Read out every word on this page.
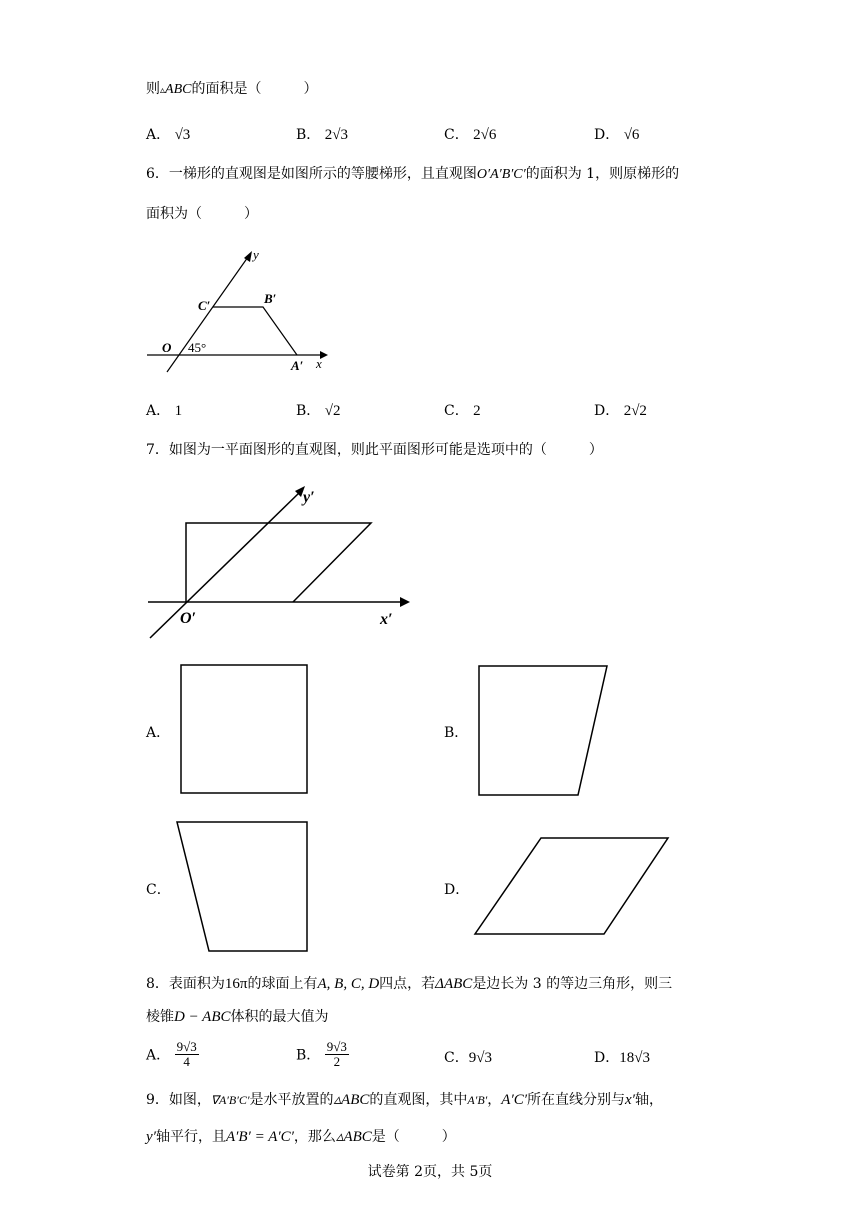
则▵ABC的面积是（　　　）
A． √3	B． 2√3	C． 2√6	D． √6
6．一梯形的直观图是如图所示的等腰梯形，且直观图O′A′B′C′的面积为 1，则原梯形的
面积为（　　　）
y
x
O
C′	B′
A′
45°
A． 1	B． √2	C． 2	D． 2√2
7．如图为一平面图形的直观图，则此平面图形可能是选项中的（　　　）
y′
x′
O′
A．	B．
C．	D．
8．表面积为16π的球面上有A, B, C, D四点，若ΔABC是边长为 3 的等边三角形，则三
棱锥D − ABC体积的最大值为
A． $\frac{9√3}{4}$	B． $\frac{9√3}{2}$	C．9√3	D．18√3
9．如图，∇A′B′C′是水平放置的▵ABC的直观图，其中A′B′，A′C′所在直线分别与x′轴，
y′轴平行，且A′B′ = A′C′，那么▵ABC是（　　　）
试卷第 2页，共 5页
